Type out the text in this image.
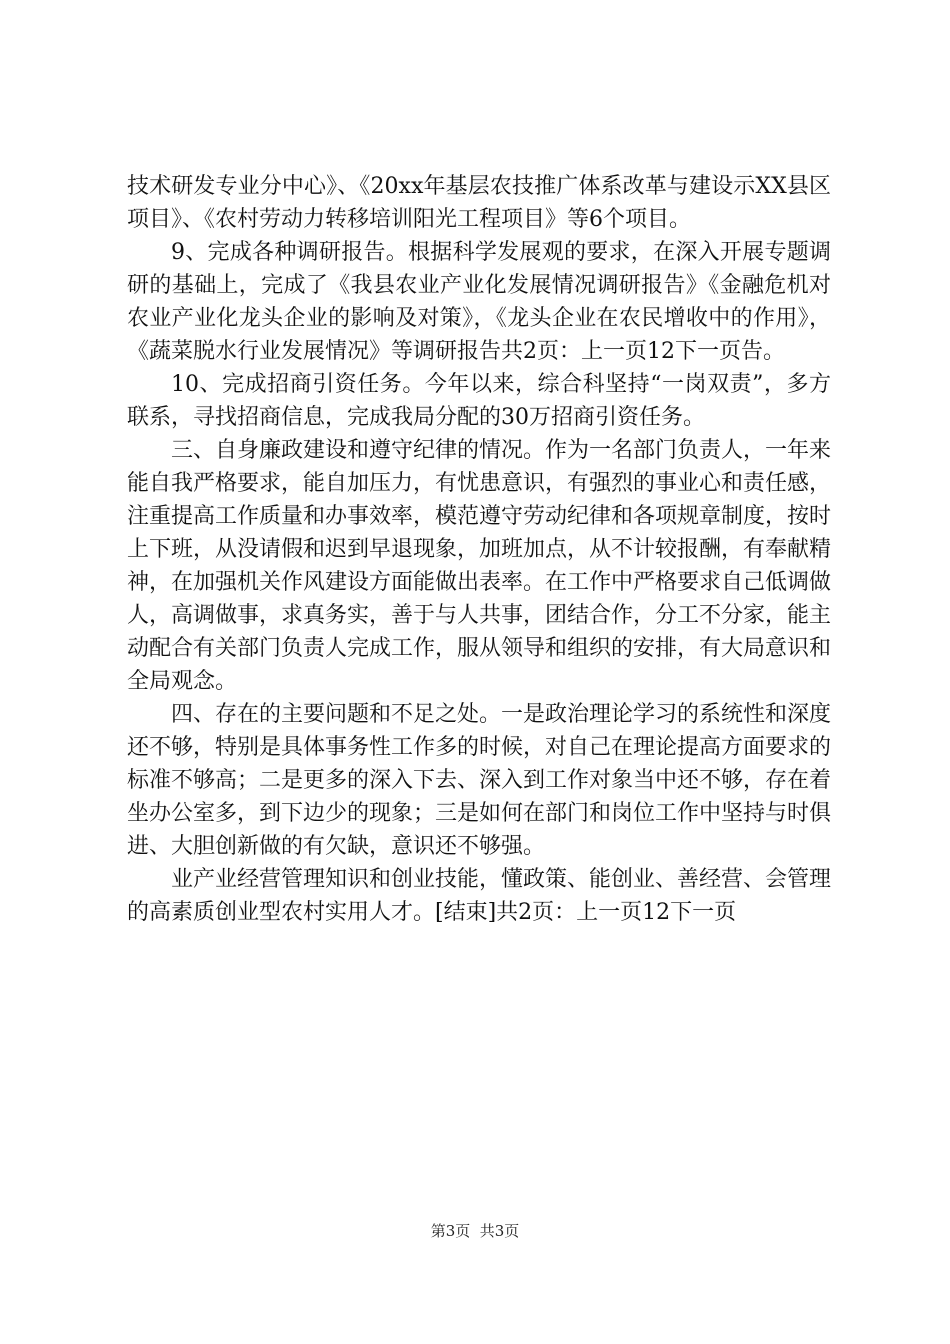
技术研发专业分中心》、《20xx年基层农技推广体系改革与建设示XX县区项目》、《农村劳动力转移培训阳光工程项目》等6个项目。

9、完成各种调研报告。根据科学发展观的要求，在深入开展专题调研的基础上，完成了《我县农业产业化发展情况调研报告》《金融危机对农业产业化龙头企业的影响及对策》，《龙头企业在农民增收中的作用》，《蔬菜脱水行业发展情况》等调研报告共2页：上一页12下一页告。

10、完成招商引资任务。今年以来，综合科坚持“一岗双责”，多方联系，寻找招商信息，完成我局分配的30万招商引资任务。

三、自身廉政建设和遵守纪律的情况。作为一名部门负责人，一年来能自我严格要求，能自加压力，有忧患意识，有强烈的事业心和责任感，注重提高工作质量和办事效率，模范遵守劳动纪律和各项规章制度，按时上下班，从没请假和迟到早退现象，加班加点，从不计较报酬，有奉献精神，在加强机关作风建设方面能做出表率。在工作中严格要求自己低调做人，高调做事，求真务实，善于与人共事，团结合作，分工不分家，能主动配合有关部门负责人完成工作，服从领导和组织的安排，有大局意识和全局观念。

四、存在的主要问题和不足之处。一是政治理论学习的系统性和深度还不够，特别是具体事务性工作多的时候，对自己在理论提高方面要求的标准不够高；二是更多的深入下去、深入到工作对象当中还不够，存在着坐办公室多，到下边少的现象；三是如何在部门和岗位工作中坚持与时俱进、大胆创新做的有欠缺，意识还不够强。

业产业经营管理知识和创业技能，懂政策、能创业、善经营、会管理的高素质创业型农村实用人才。[结束]共2页：上一页12下一页

第3页  共3页
